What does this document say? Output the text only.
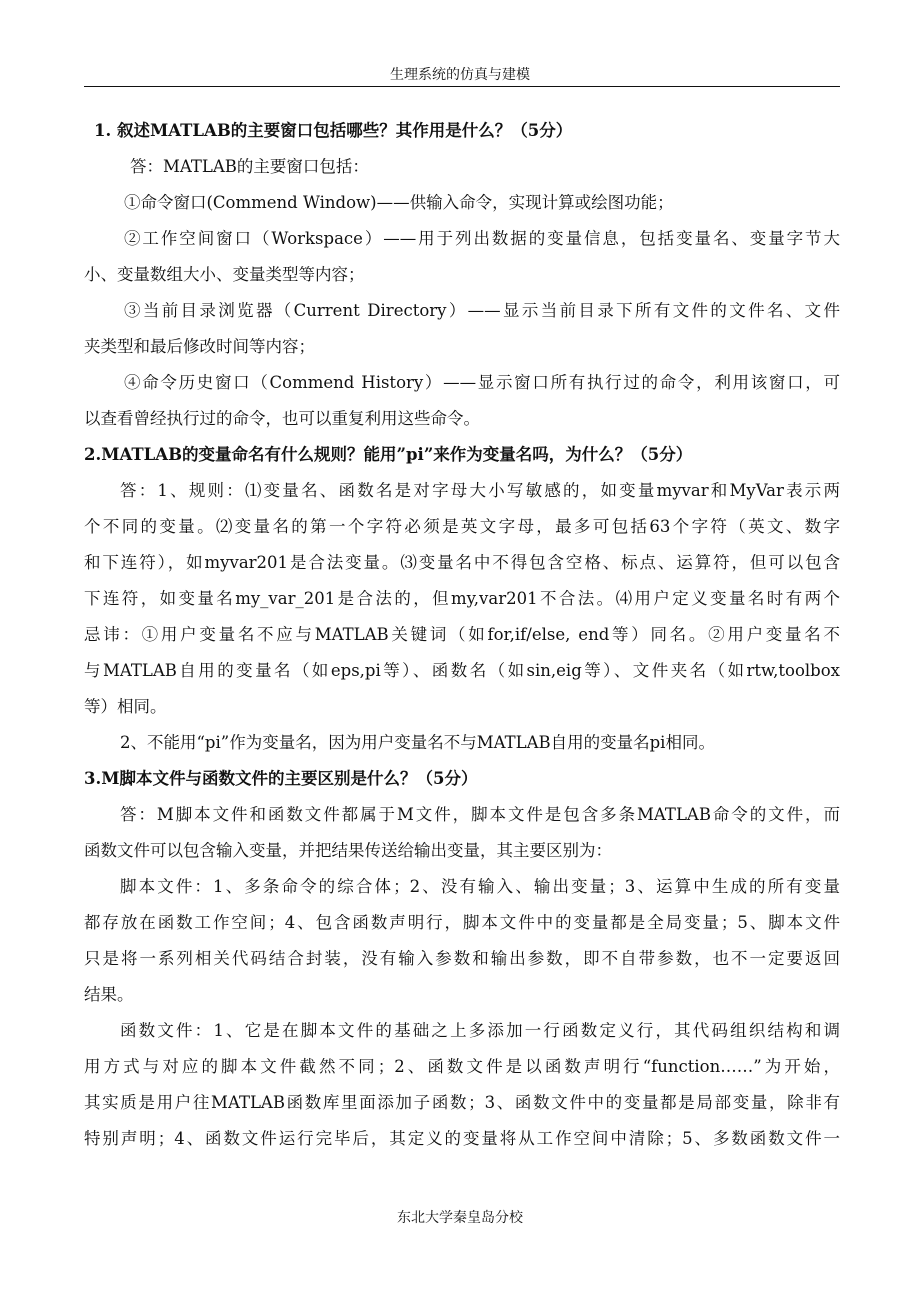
生理系统的仿真与建模
1. 叙述MATLAB的主要窗口包括哪些？其作用是什么？（5分）
答：MATLAB的主要窗口包括：
①命令窗口(Commend Window)——供输入命令，实现计算或绘图功能；
②工作空间窗口（Workspace）——用于列出数据的变量信息，包括变量名、变量字节大
小、变量数组大小、变量类型等内容；
③当前目录浏览器（Current Directory）——显示当前目录下所有文件的文件名、文件
夹类型和最后修改时间等内容；
④命令历史窗口（Commend History）——显示窗口所有执行过的命令，利用该窗口，可
以查看曾经执行过的命令，也可以重复利用这些命令。
2.MATLAB的变量命名有什么规则？能用”pi”来作为变量名吗，为什么？（5分）
答：1、规则：⑴变量名、函数名是对字母大小写敏感的，如变量myvar和MyVar表示两
个不同的变量。⑵变量名的第一个字符必须是英文字母，最多可包括63个字符（英文、数字
和下连符），如myvar201是合法变量。⑶变量名中不得包含空格、标点、运算符，但可以包含
下连符，如变量名my_var_201是合法的，但my,var201不合法。⑷用户定义变量名时有两个
忌讳：①用户变量名不应与MATLAB关键词（如for,if/else, end等）同名。②用户变量名不
与MATLAB自用的变量名（如eps,pi等）、函数名（如sin,eig等）、文件夹名（如rtw,toolbox
等）相同。
2、不能用“pi”作为变量名，因为用户变量名不与MATLAB自用的变量名pi相同。
3.M脚本文件与函数文件的主要区别是什么？（5分）
答：M脚本文件和函数文件都属于M文件，脚本文件是包含多条MATLAB命令的文件，而
函数文件可以包含输入变量，并把结果传送给输出变量，其主要区别为：
脚本文件：1、多条命令的综合体；2、没有输入、输出变量；3、运算中生成的所有变量
都存放在函数工作空间；4、包含函数声明行，脚本文件中的变量都是全局变量；5、脚本文件
只是将一系列相关代码结合封装，没有输入参数和输出参数，即不自带参数，也不一定要返回
结果。
函数文件：1、它是在脚本文件的基础之上多添加一行函数定义行，其代码组织结构和调
用方式与对应的脚本文件截然不同；2、函数文件是以函数声明行“function……”为开始，
其实质是用户往MATLAB函数库里面添加子函数；3、函数文件中的变量都是局部变量，除非有
特别声明；4、函数文件运行完毕后，其定义的变量将从工作空间中清除；5、多数函数文件一
东北大学秦皇岛分校
